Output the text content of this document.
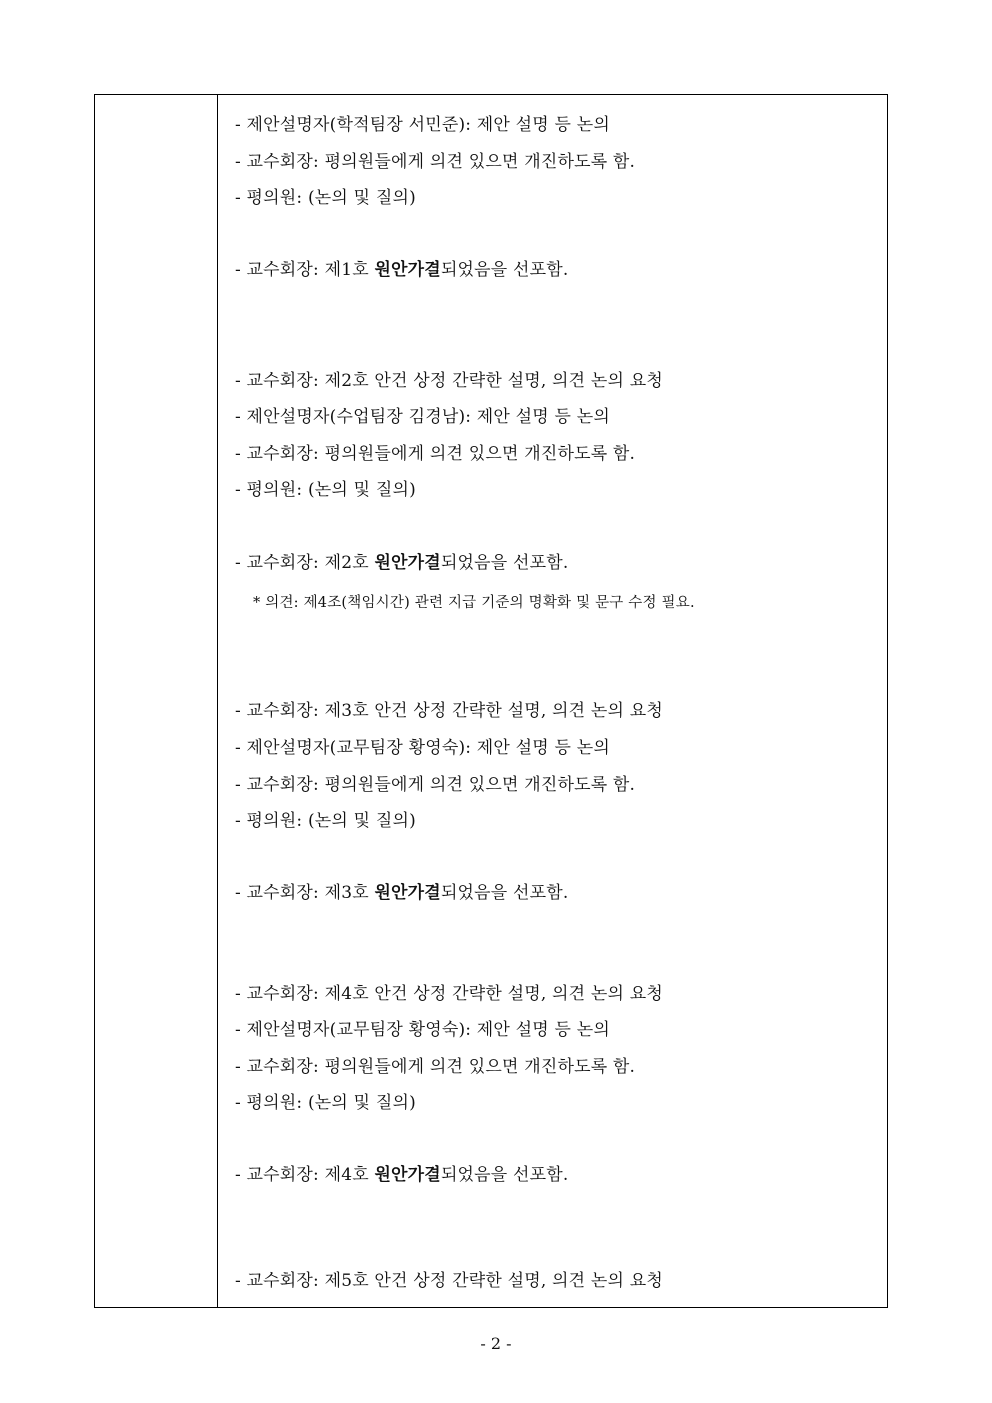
- 제안설명자(학적팀장 서민준): 제안 설명 등 논의
- 교수회장: 평의원들에게 의견 있으면 개진하도록 함.
- 평의원: (논의 및 질의)
- 교수회장: 제1호 원안가결되었음을 선포함.
- 교수회장: 제2호 안건 상정 간략한 설명, 의견 논의 요청
- 제안설명자(수업팀장 김경남): 제안 설명 등 논의
- 교수회장: 평의원들에게 의견 있으면 개진하도록 함.
- 평의원: (논의 및 질의)
- 교수회장: 제2호 원안가결되었음을 선포함.
* 의견: 제4조(책임시간) 관련 지급 기준의 명확화 및 문구 수정 필요.
- 교수회장: 제3호 안건 상정 간략한 설명, 의견 논의 요청
- 제안설명자(교무팀장 황영숙): 제안 설명 등 논의
- 교수회장: 평의원들에게 의견 있으면 개진하도록 함.
- 평의원: (논의 및 질의)
- 교수회장: 제3호 원안가결되었음을 선포함.
- 교수회장: 제4호 안건 상정 간략한 설명, 의견 논의 요청
- 제안설명자(교무팀장 황영숙): 제안 설명 등 논의
- 교수회장: 평의원들에게 의견 있으면 개진하도록 함.
- 평의원: (논의 및 질의)
- 교수회장: 제4호 원안가결되었음을 선포함.
- 교수회장: 제5호 안건 상정 간략한 설명, 의견 논의 요청
- 2 -
